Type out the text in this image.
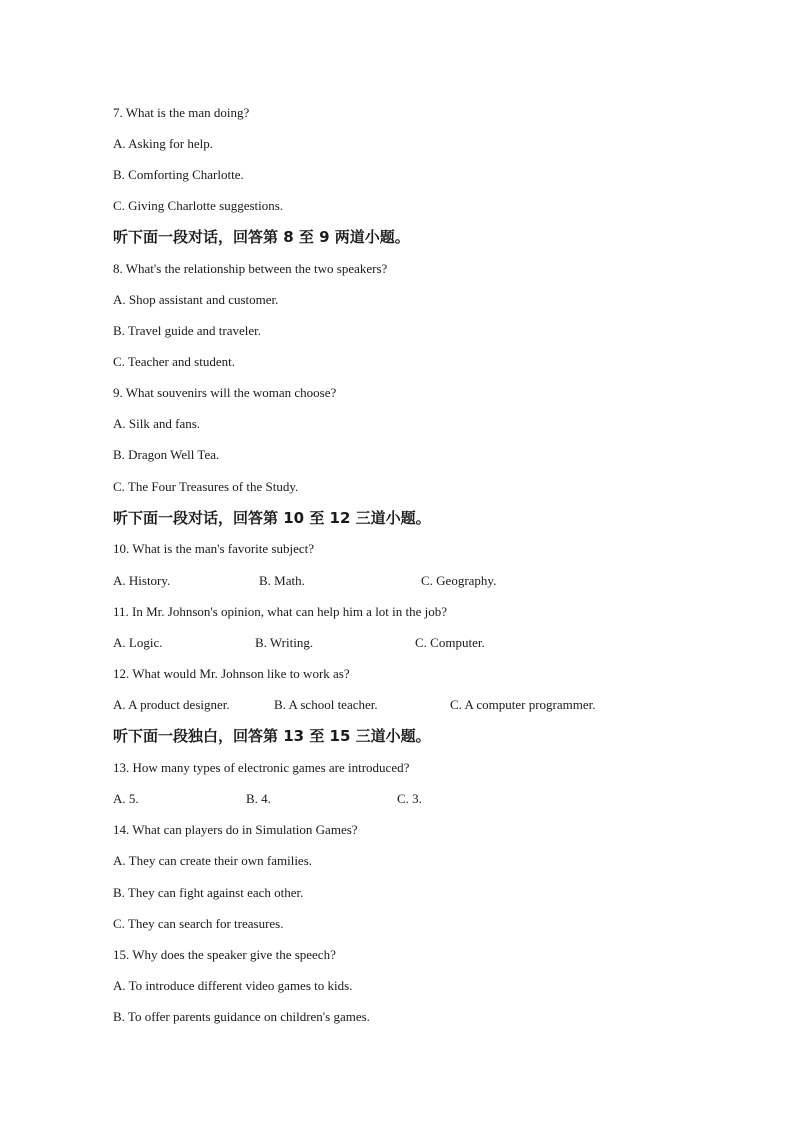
7. What is the man doing?
A. Asking for help.
B. Comforting Charlotte.
C. Giving Charlotte suggestions.
听下面一段对话，回答第 8 至 9 两道小题。
8. What's the relationship between the two speakers?
A. Shop assistant and customer.
B. Travel guide and traveler.
C. Teacher and student.
9. What souvenirs will the woman choose?
A. Silk and fans.
B. Dragon Well Tea.
C. The Four Treasures of the Study.
听下面一段对话，回答第 10 至 12 三道小题。
10. What is the man's favorite subject?
A. History.	B. Math.	C. Geography.
11. In Mr. Johnson's opinion, what can help him a lot in the job?
A. Logic.	B. Writing.	C. Computer.
12. What would Mr. Johnson like to work as?
A. A product designer.	B. A school teacher.	C. A computer programmer.
听下面一段独白，回答第 13 至 15 三道小题。
13. How many types of electronic games are introduced?
A. 5.	B. 4.	C. 3.
14. What can players do in Simulation Games?
A. They can create their own families.
B. They can fight against each other.
C. They can search for treasures.
15. Why does the speaker give the speech?
A. To introduce different video games to kids.
B. To offer parents guidance on children's games.
